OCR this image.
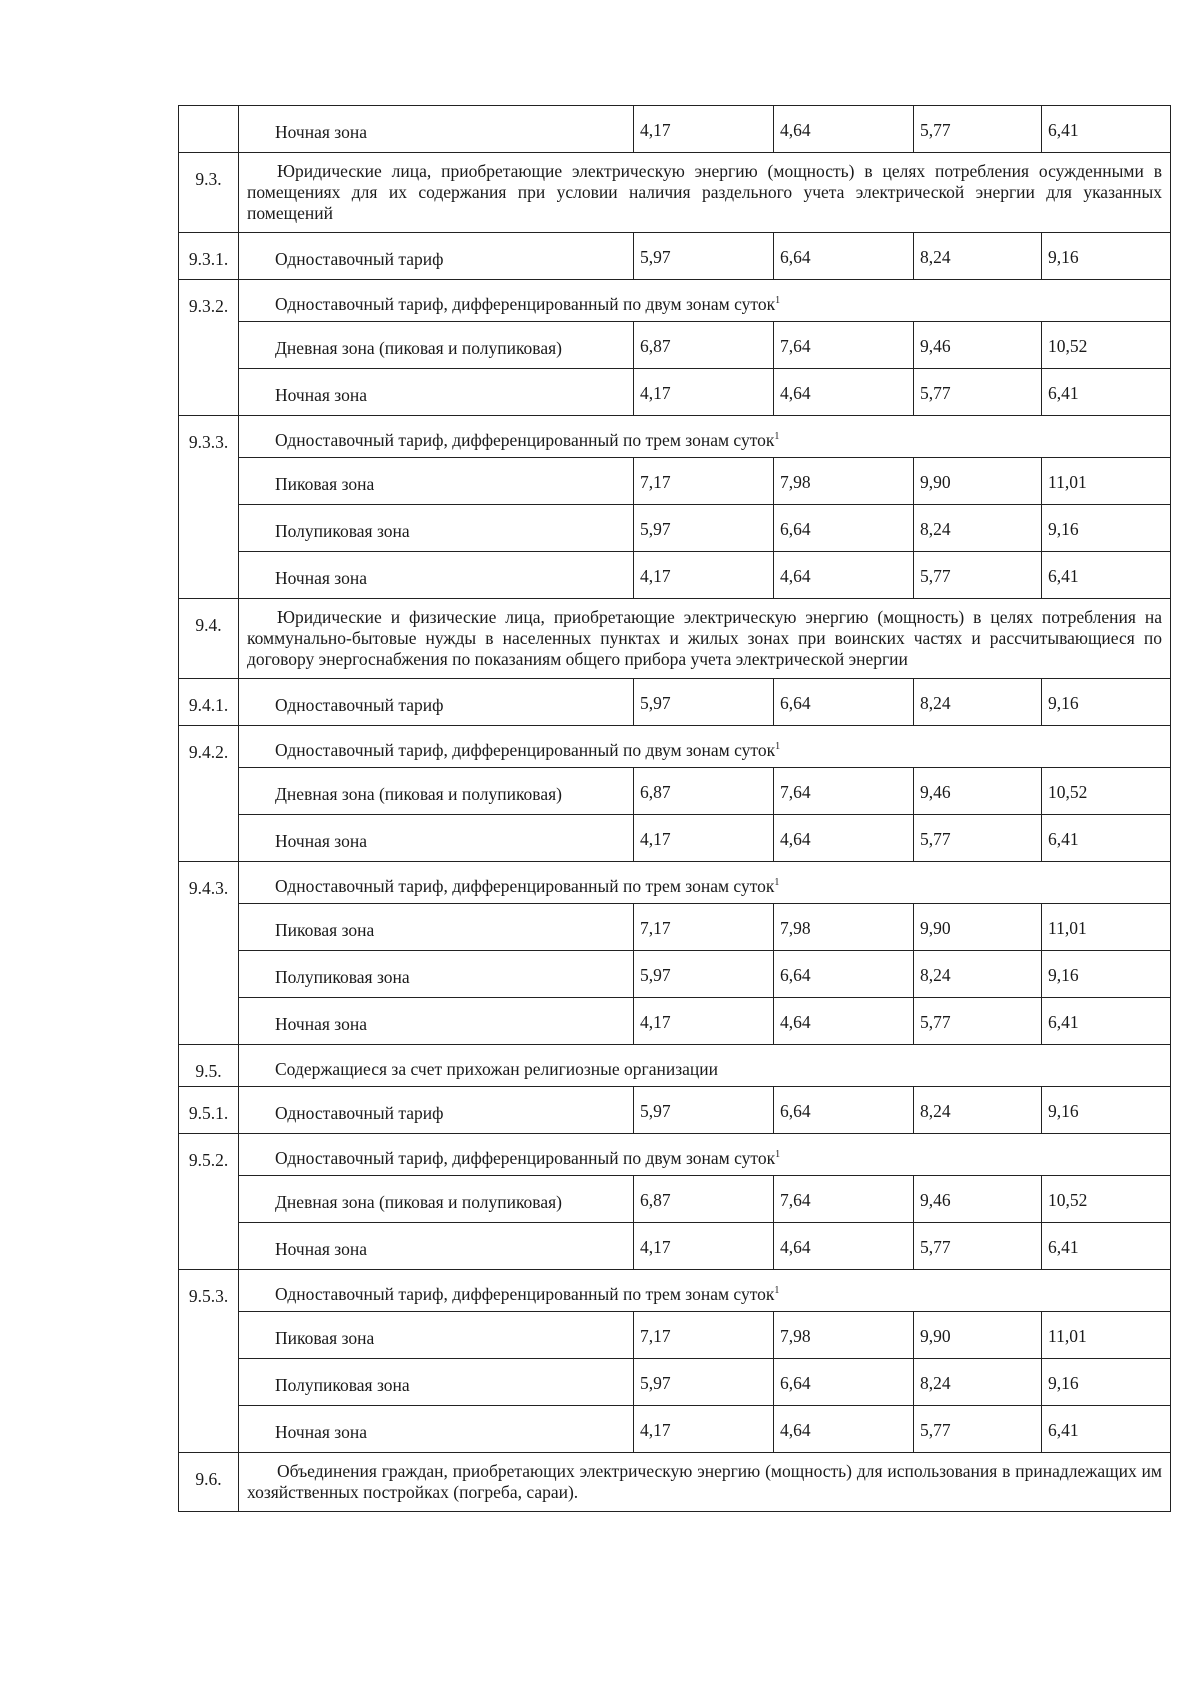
	Ночная зона	4,17	4,64	5,77	6,41
9.3.	Юридические лица, приобретающие электрическую энергию (мощность) в целях потребления осужденными в помещениях для их содержания при условии наличия раздельного учета электрической энергии для указанных помещений				
9.3.1.	Одноставочный тариф	5,97	6,64	8,24	9,16
9.3.2.	Одноставочный тариф, дифференцированный по двум зонам суток$^1$
	Дневная зона (пиковая и полупиковая)	6,87	7,64	9,46	10,52
	Ночная зона	4,17	4,64	5,77	6,41
9.3.3.	Одноставочный тариф, дифференцированный по трем зонам суток$^1$
	Пиковая зона	7,17	7,98	9,90	11,01
	Полупиковая зона	5,97	6,64	8,24	9,16
	Ночная зона	4,17	4,64	5,77	6,41
9.4.	Юридические и физические лица, приобретающие электрическую энергию (мощность) в целях потребления на коммунально-бытовые нужды в населенных пунктах и жилых зонах при воинских частях и рассчитывающиеся по договору энергоснабжения по показаниям общего прибора учета электрической энергии				
9.4.1.	Одноставочный тариф	5,97	6,64	8,24	9,16
9.4.2.	Одноставочный тариф, дифференцированный по двум зонам суток$^1$
	Дневная зона (пиковая и полупиковая)	6,87	7,64	9,46	10,52
	Ночная зона	4,17	4,64	5,77	6,41
9.4.3.	Одноставочный тариф, дифференцированный по трем зонам суток$^1$
	Пиковая зона	7,17	7,98	9,90	11,01
	Полупиковая зона	5,97	6,64	8,24	9,16
	Ночная зона	4,17	4,64	5,77	6,41
9.5.	Содержащиеся за счет прихожан религиозные организации				
9.5.1.	Одноставочный тариф	5,97	6,64	8,24	9,16
9.5.2.	Одноставочный тариф, дифференцированный по двум зонам суток$^1$
	Дневная зона (пиковая и полупиковая)	6,87	7,64	9,46	10,52
	Ночная зона	4,17	4,64	5,77	6,41
9.5.3.	Одноставочный тариф, дифференцированный по трем зонам суток$^1$
	Пиковая зона	7,17	7,98	9,90	11,01
	Полупиковая зона	5,97	6,64	8,24	9,16
	Ночная зона	4,17	4,64	5,77	6,41
9.6.	Объединения граждан, приобретающих электрическую энергию (мощность) для использования в принадлежащих им хозяйственных постройках (погреба, сараи).				
